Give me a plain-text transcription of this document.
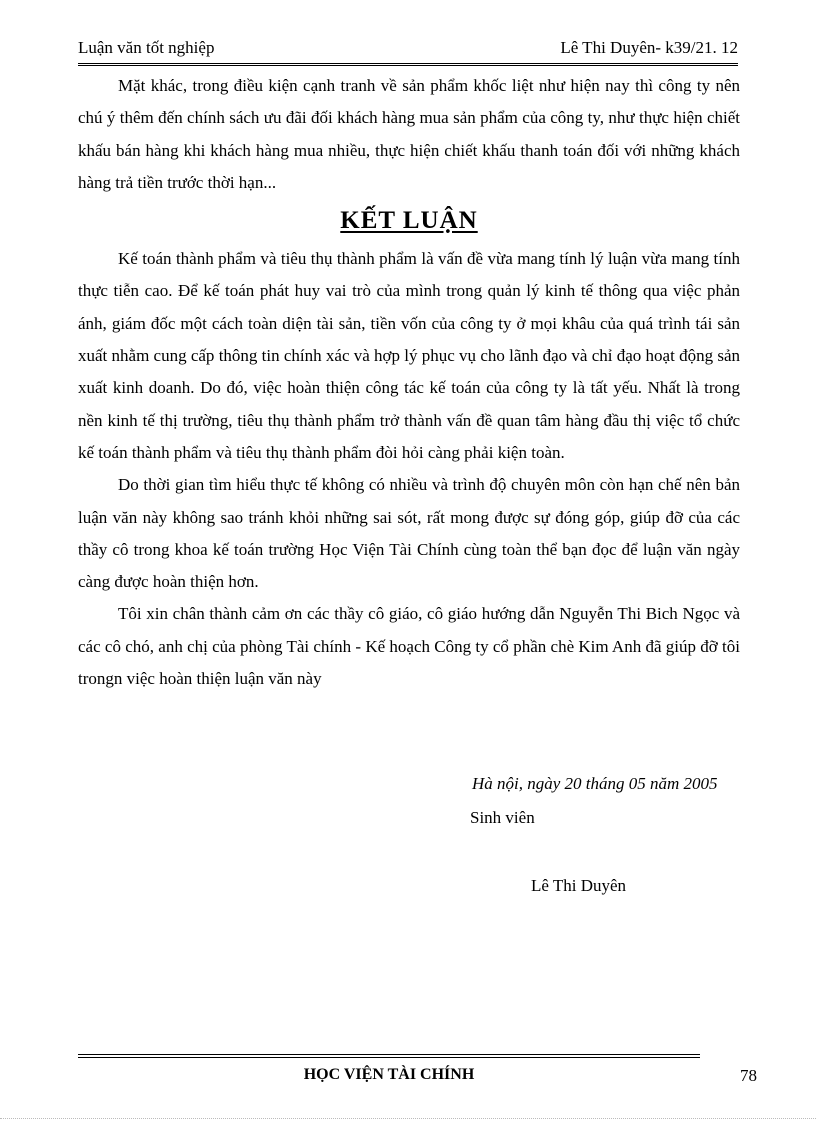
Luận văn tốt nghiệp	Lê Thi Duyên- k39/21. 12

Mặt khác, trong điều kiện cạnh tranh về sản phẩm khốc liệt như hiện nay thì công ty nên chú ý thêm đến chính sách ưu đãi đối khách hàng mua sản phẩm của công ty, như thực hiện chiết khấu bán hàng khi khách hàng mua nhiều, thực hiện chiết khấu thanh toán đối với những khách hàng trả tiền trước thời hạn...

KẾT LUẬN

Kế toán thành phẩm và tiêu thụ thành phẩm là vấn đề vừa mang tính lý luận vừa mang tính thực tiễn cao. Để kế toán phát huy vai trò của mình trong quản lý kinh tế thông qua việc phản ánh, giám đốc một cách toàn diện tài sản, tiền vốn của công ty ở mọi khâu của quá trình tái sản xuất nhằm cung cấp thông tin chính xác và hợp lý phục vụ cho lãnh đạo và chỉ đạo hoạt động sản xuất kinh doanh. Do đó, việc hoàn thiện công tác kế toán của công ty là tất yếu. Nhất là trong nền kinh tế thị trường, tiêu thụ thành phẩm trở thành vấn đề quan tâm hàng đầu thị việc tổ chức kế toán thành phẩm và tiêu thụ thành phẩm đòi hỏi càng phải kiện toàn.

Do thời gian tìm hiểu thực tế không có nhiều và trình độ chuyên môn còn hạn chế nên bản luận văn này không sao tránh khỏi những sai sót, rất mong được sự đóng góp, giúp đỡ của các thầy cô trong khoa kế toán trường Học Viện Tài Chính cùng toàn thể bạn đọc để luận văn ngày càng được hoàn thiện hơn.

Tôi xin chân thành cảm ơn các thầy cô giáo, cô giáo hướng dẫn Nguyễn Thi Bich Ngọc và các cô chó, anh chị của phòng Tài chính - Kế hoạch Công ty cổ phần chè Kim Anh đã giúp đỡ tôi trongn việc hoàn thiện luận văn này

Hà nội, ngày 20 tháng 05 năm 2005
Sinh viên
Lê Thi Duyên
HỌC VIỆN TÀI CHÍNH	78
